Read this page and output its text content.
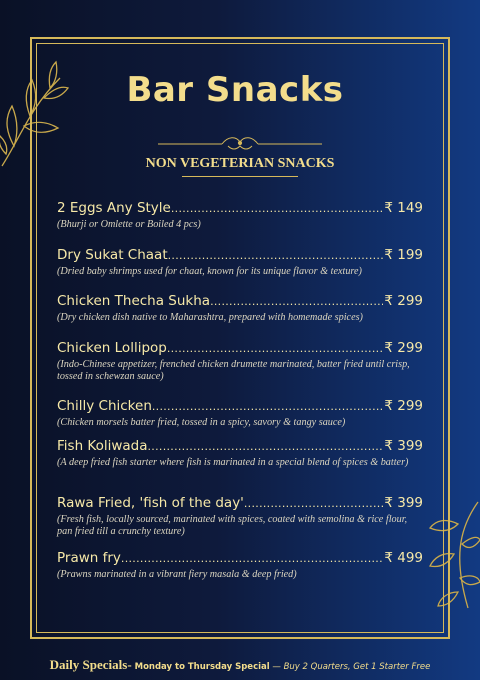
Bar Snacks
NON VEGETERIAN SNACKS
2 Eggs Any Style .....	₹ 149
(Bhurji or Omlette or Boiled 4 pcs)
Dry Sukat Chaat .....	₹ 199
(Dried baby shrimps used for chaat, known for its unique flavor & texture)
Chicken Thecha Sukha .....	₹ 299
(Dry chicken dish native to Maharashtra, prepared with homemade spices)
Chicken Lollipop .....	₹ 299
(Indo-Chinese appetizer, frenched chicken drumette marinated, batter fried until crisp, tossed in schewzan sauce)
Chilly Chicken .....	₹ 299
(Chicken morsels batter fried, tossed in a spicy, savory & tangy sauce)
Fish Koliwada .....	₹ 399
(A deep fried fish starter where fish is marinated in a special blend of spices & batter)
Rawa Fried, 'fish of the day' .....	₹ 399
(Fresh fish, locally sourced, marinated with spices, coated with semolina & rice flour, pan fried till a crunchy texture)
Prawn fry .....	₹ 499
(Prawns marinated in a vibrant fiery masala & deep fried)
Daily Specials- Monday to Thursday Special — Buy 2 Quarters, Get 1 Starter Free
